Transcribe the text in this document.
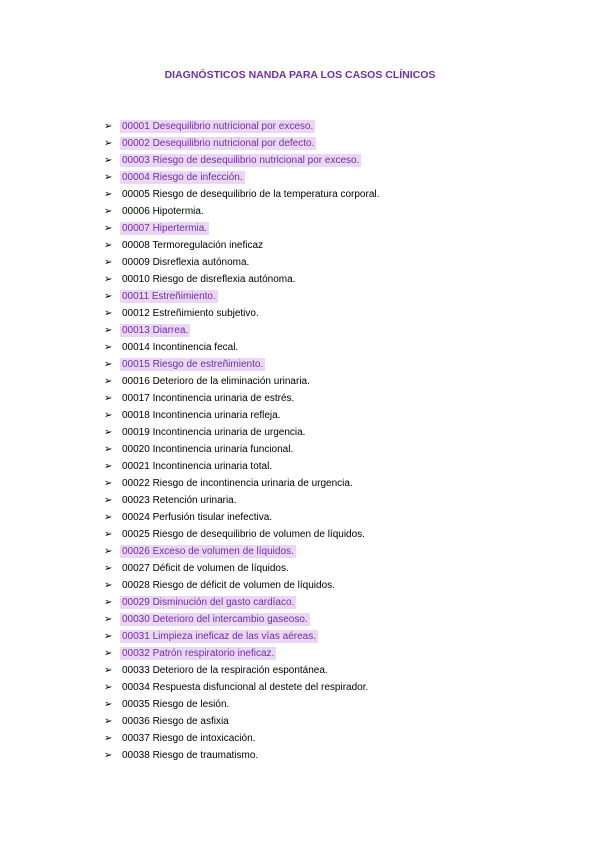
DIAGNÓSTICOS NANDA PARA LOS CASOS CLÍNICOS
➢ 00001 Desequilibrio nutricional por exceso.
➢ 00002 Desequilibrio nutricional por defecto.
➢ 00003 Riesgo de desequilibrio nutricional por exceso.
➢ 00004 Riesgo de infección.
➢ 00005 Riesgo de desequilibrio de la temperatura corporal.
➢ 00006 Hipotermia.
➢ 00007 Hipertermia.
➢ 00008 Termoregulación ineficaz
➢ 00009 Disreflexia autónoma.
➢ 00010 Riesgo de disreflexia autónoma.
➢ 00011 Estreñimiento.
➢ 00012 Estreñimiento subjetivo.
➢ 00013 Diarrea.
➢ 00014 Incontinencia fecal.
➢ 00015 Riesgo de estreñimiento.
➢ 00016 Deterioro de la eliminación urinaria.
➢ 00017 Incontinencia urinaria de estrés.
➢ 00018 Incontinencia urinaria refleja.
➢ 00019 Incontinencia urinaria de urgencia.
➢ 00020 Incontinencia urinaria funcional.
➢ 00021 Incontinencia urinaria total.
➢ 00022 Riesgo de incontinencia urinaria de urgencia.
➢ 00023 Retención urinaria.
➢ 00024 Perfusión tisular inefectiva.
➢ 00025 Riesgo de desequilibrio de volumen de líquidos.
➢ 00026 Exceso de volumen de líquidos.
➢ 00027 Déficit de volumen de líquidos.
➢ 00028 Riesgo de déficit de volumen de líquidos.
➢ 00029 Disminución del gasto cardíaco.
➢ 00030 Deterioro del intercambio gaseoso.
➢ 00031 Limpieza ineficaz de las vías aéreas.
➢ 00032 Patrón respiratorio ineficaz.
➢ 00033 Deterioro de la respiración espontánea.
➢ 00034 Respuesta disfuncional al destete del respirador.
➢ 00035 Riesgo de lesión.
➢ 00036 Riesgo de asfixia
➢ 00037 Riesgo de intoxicación.
➢ 00038 Riesgo de traumatismo.
